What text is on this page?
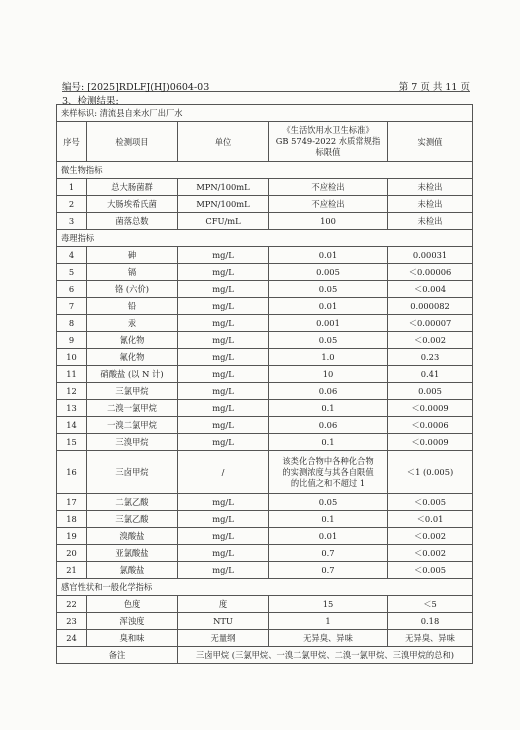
编号: [2025]RDLFJ(HJ)0604-03	第 7 页 共 11 页
3、检测结果:
来样标识: 清流县自来水厂出厂水				
序号	检测项目	单位	《生活饮用水卫生标准》
GB 5749-2022 水质常规指
标限值	实测值
微生物指标				
1	总大肠菌群	MPN/100mL	不应检出	未检出
2	大肠埃希氏菌	MPN/100mL	不应检出	未检出
3	菌落总数	CFU/mL	100	未检出
毒理指标				
4	砷	mg/L	0.01	0.00031
5	镉	mg/L	0.005	＜0.00006
6	铬 (六价)	mg/L	0.05	＜0.004
7	铅	mg/L	0.01	0.000082
8	汞	mg/L	0.001	＜0.00007
9	氰化物	mg/L	0.05	＜0.002
10	氟化物	mg/L	1.0	0.23
11	硝酸盐 (以 N 计)	mg/L	10	0.41
12	三氯甲烷	mg/L	0.06	0.005
13	二溴一氯甲烷	mg/L	0.1	＜0.0009
14	一溴二氯甲烷	mg/L	0.06	＜0.0006
15	三溴甲烷	mg/L	0.1	＜0.0009
16	三卤甲烷	/	该类化合物中各种化合物
的实测浓度与其各自限值
的比值之和不超过 1	＜1 (0.005)
17	二氯乙酸	mg/L	0.05	＜0.005
18	三氯乙酸	mg/L	0.1	＜0.01
19	溴酸盐	mg/L	0.01	＜0.002
20	亚氯酸盐	mg/L	0.7	＜0.002
21	氯酸盐	mg/L	0.7	＜0.005
感官性状和一般化学指标				
22	色度	度	15	＜5
23	浑浊度	NTU	1	0.18
24	臭和味	无量纲	无异臭、异味	无异臭、异味
备注		三卤甲烷 (三氯甲烷、一溴二氯甲烷、二溴一氯甲烷、三溴甲烷的总和)		
